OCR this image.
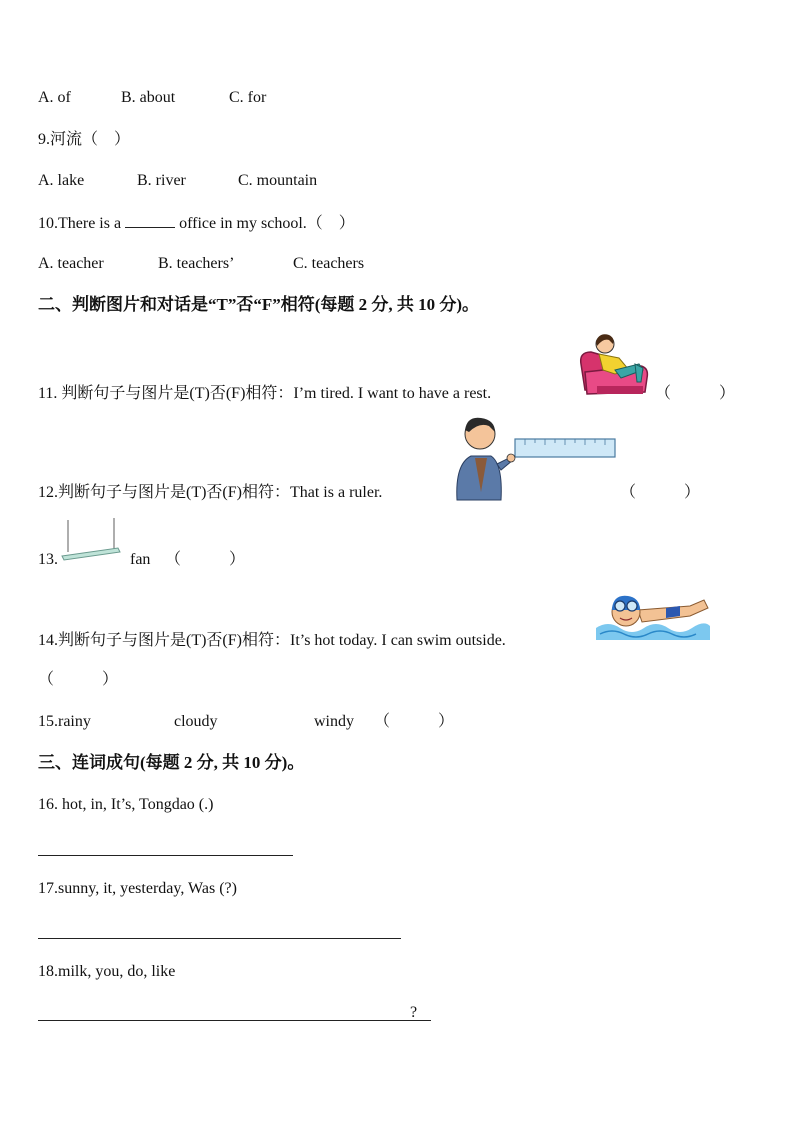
A. of	B. about	C. for
9.河流（　）
A. lake	B. river	C. mountain
10.There is a	office in my school.（　）
A. teacher	B. teachers’	C. teachers
二、判断图片和对话是“T”否“F”相符(每题 2 分, 共 10 分)。
11. 判断句子与图片是(T)否(F)相符：I’m tired. I want to have a rest.	（　　　）
12.判断句子与图片是(T)否(F)相符：That is a ruler.	（　　　）
13.	fan （　　　）
14.判断句子与图片是(T)否(F)相符：It’s hot today. I can swim outside.
（　　　）
15.rainy	cloudy	windy （　　　）
三、连词成句(每题 2 分, 共 10 分)。
16. hot, in, It’s, Tongdao (.)
17.sunny, it, yesterday, Was (?)
18.milk, you, do, like
?
